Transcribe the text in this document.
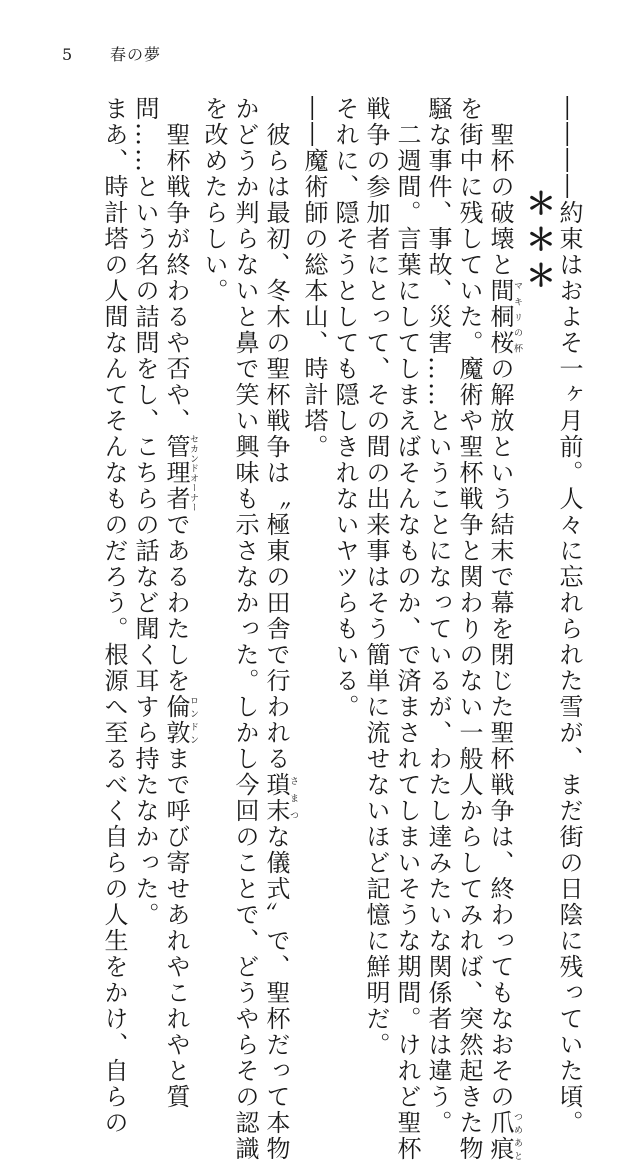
5 春の夢

――――約束はおよそ一ヶ月前。人々に忘れられた雪が、まだ街の日陰に残っていた頃。

＊＊＊

　聖杯の破壊と間桐桜マキリの杯の解放という結末で幕を閉じた聖杯戦争は、終わってもなおその爪痕つめあと

を街中に残していた。魔術や聖杯戦争と関わりのない一般人からしてみれば、突然起きた物

騒な事件、事故、災害……ということになっているが、わたし達みたいな関係者は違う。

　二週間。言葉にしてしまえばそんなものか、で済まされてしまいそうな期間。けれど聖杯

戦争の参加者にとって、その間の出来事はそう簡単に流せないほど記憶に鮮明だ。

それに、隠そうとしても隠しきれないヤツらもいる。

――魔術師の総本山、時計塔。

　彼らは最初、冬木の聖杯戦争は〝極東の田舎で行われる瑣末さまつな儀式〟で、聖杯だって本物

かどうか判らないと鼻で笑い興味も示さなかった。しかし今回のことで、どうやらその認識

を改めたらしい。

　聖杯戦争が終わるや否や、管理者セカンドオーナーであるわたしを倫敦ロンドンまで呼び寄せあれやこれやと質

問……という名の詰問をし、こちらの話など聞く耳すら持たなかった。

まあ、時計塔の人間なんてそんなものだろう。根源へ至るべく自らの人生をかけ、自らの
